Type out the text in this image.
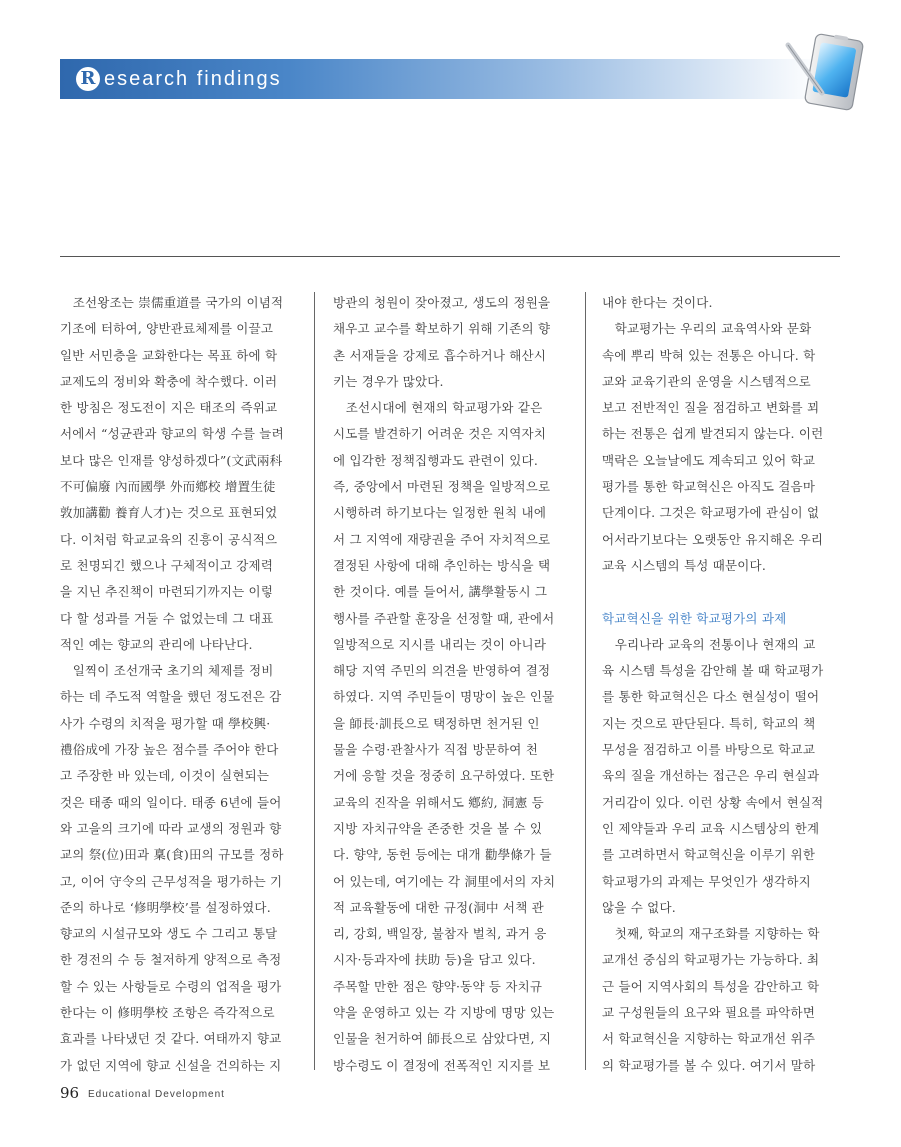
R esearch findings
　조선왕조는 崇儒重道를 국가의 이념적
기조에 터하여, 양반관료체제를 이끌고
일반 서민층을 교화한다는 목표 하에 학
교제도의 정비와 확충에 착수했다. 이러
한 방침은 정도전이 지은 태조의 즉위교
서에서 “성균관과 향교의 학생 수를 늘려
보다 많은 인재를 양성하겠다”(文武兩科
不可偏廢 內而國學 外而鄕校 增置生徒
敦加講勸 養育人才)는 것으로 표현되었
다. 이처럼 학교교육의 진흥이 공식적으
로 천명되긴 했으나 구체적이고 강제력
을 지닌 추진책이 마련되기까지는 이렇
다 할 성과를 거둘 수 없었는데 그 대표
적인 예는 향교의 관리에 나타난다.
　일찍이 조선개국 초기의 체제를 정비
하는 데 주도적 역할을 했던 정도전은 감
사가 수령의 치적을 평가할 때 學校興·
禮俗成에 가장 높은 점수를 주어야 한다
고 주장한 바 있는데, 이것이 실현되는
것은 태종 때의 일이다. 태종 6년에 들어
와 고을의 크기에 따라 교생의 정원과 향
교의 祭(位)田과 稟(食)田의 규모를 정하
고, 이어 守令의 근무성적을 평가하는 기
준의 하나로 ‘修明學校’를 설정하였다.
향교의 시설규모와 생도 수 그리고 통달
한 경전의 수 등 철저하게 양적으로 측정
할 수 있는 사항들로 수령의 업적을 평가
한다는 이 修明學校 조항은 즉각적으로
효과를 나타냈던 것 같다. 여태까지 향교
가 없던 지역에 향교 신설을 건의하는 지
방관의 청원이 잦아졌고, 생도의 정원을
채우고 교수를 확보하기 위해 기존의 향
촌 서재들을 강제로 흡수하거나 해산시
키는 경우가 많았다.
　조선시대에 현재의 학교평가와 같은
시도를 발견하기 어려운 것은 지역자치
에 입각한 정책집행과도 관련이 있다.
즉, 중앙에서 마련된 정책을 일방적으로
시행하려 하기보다는 일정한 원칙 내에
서 그 지역에 재량권을 주어 자치적으로
결정된 사항에 대해 추인하는 방식을 택
한 것이다. 예를 들어서, 講學활동시 그
행사를 주관할 훈장을 선정할 때, 관에서
일방적으로 지시를 내리는 것이 아니라
해당 지역 주민의 의견을 반영하여 결정
하였다. 지역 주민들이 명망이 높은 인물
을 師長·訓長으로 택정하면 천거된 인
물을 수령·관찰사가 직접 방문하여 천
거에 응할 것을 정중히 요구하였다. 또한
교육의 진작을 위해서도 鄕約, 洞憲 등
지방 자치규약을 존중한 것을 볼 수 있
다. 향약, 동헌 등에는 대개 勸學條가 들
어 있는데, 여기에는 각 洞里에서의 자치
적 교육활동에 대한 규정(洞中 서책 관
리, 강회, 백일장, 불참자 벌칙, 과거 응
시자·등과자에 扶助 등)을 담고 있다.
주목할 만한 점은 향약·동약 등 자치규
약을 운영하고 있는 각 지방에 명망 있는
인물을 천거하여 師長으로 삼았다면, 지
방수령도 이 결정에 전폭적인 지지를 보
내야 한다는 것이다.
　학교평가는 우리의 교육역사와 문화
속에 뿌리 박혀 있는 전통은 아니다. 학
교와 교육기관의 운영을 시스템적으로
보고 전반적인 질을 점검하고 변화를 꾀
하는 전통은 쉽게 발견되지 않는다. 이런
맥락은 오늘날에도 계속되고 있어 학교
평가를 통한 학교혁신은 아직도 걸음마
단계이다. 그것은 학교평가에 관심이 없
어서라기보다는 오랫동안 유지해온 우리
교육 시스템의 특성 때문이다.
학교혁신을 위한 학교평가의 과제
　우리나라 교육의 전통이나 현재의 교
육 시스템 특성을 감안해 볼 때 학교평가
를 통한 학교혁신은 다소 현실성이 떨어
지는 것으로 판단된다. 특히, 학교의 책
무성을 점검하고 이를 바탕으로 학교교
육의 질을 개선하는 접근은 우리 현실과
거리감이 있다. 이런 상황 속에서 현실적
인 제약들과 우리 교육 시스템상의 한계
를 고려하면서 학교혁신을 이루기 위한
학교평가의 과제는 무엇인가 생각하지
않을 수 없다.
　첫째, 학교의 재구조화를 지향하는 학
교개선 중심의 학교평가는 가능하다. 최
근 들어 지역사회의 특성을 감안하고 학
교 구성원들의 요구와 필요를 파악하면
서 학교혁신을 지향하는 학교개선 위주
의 학교평가를 볼 수 있다. 여기서 말하
96 Educational Development
